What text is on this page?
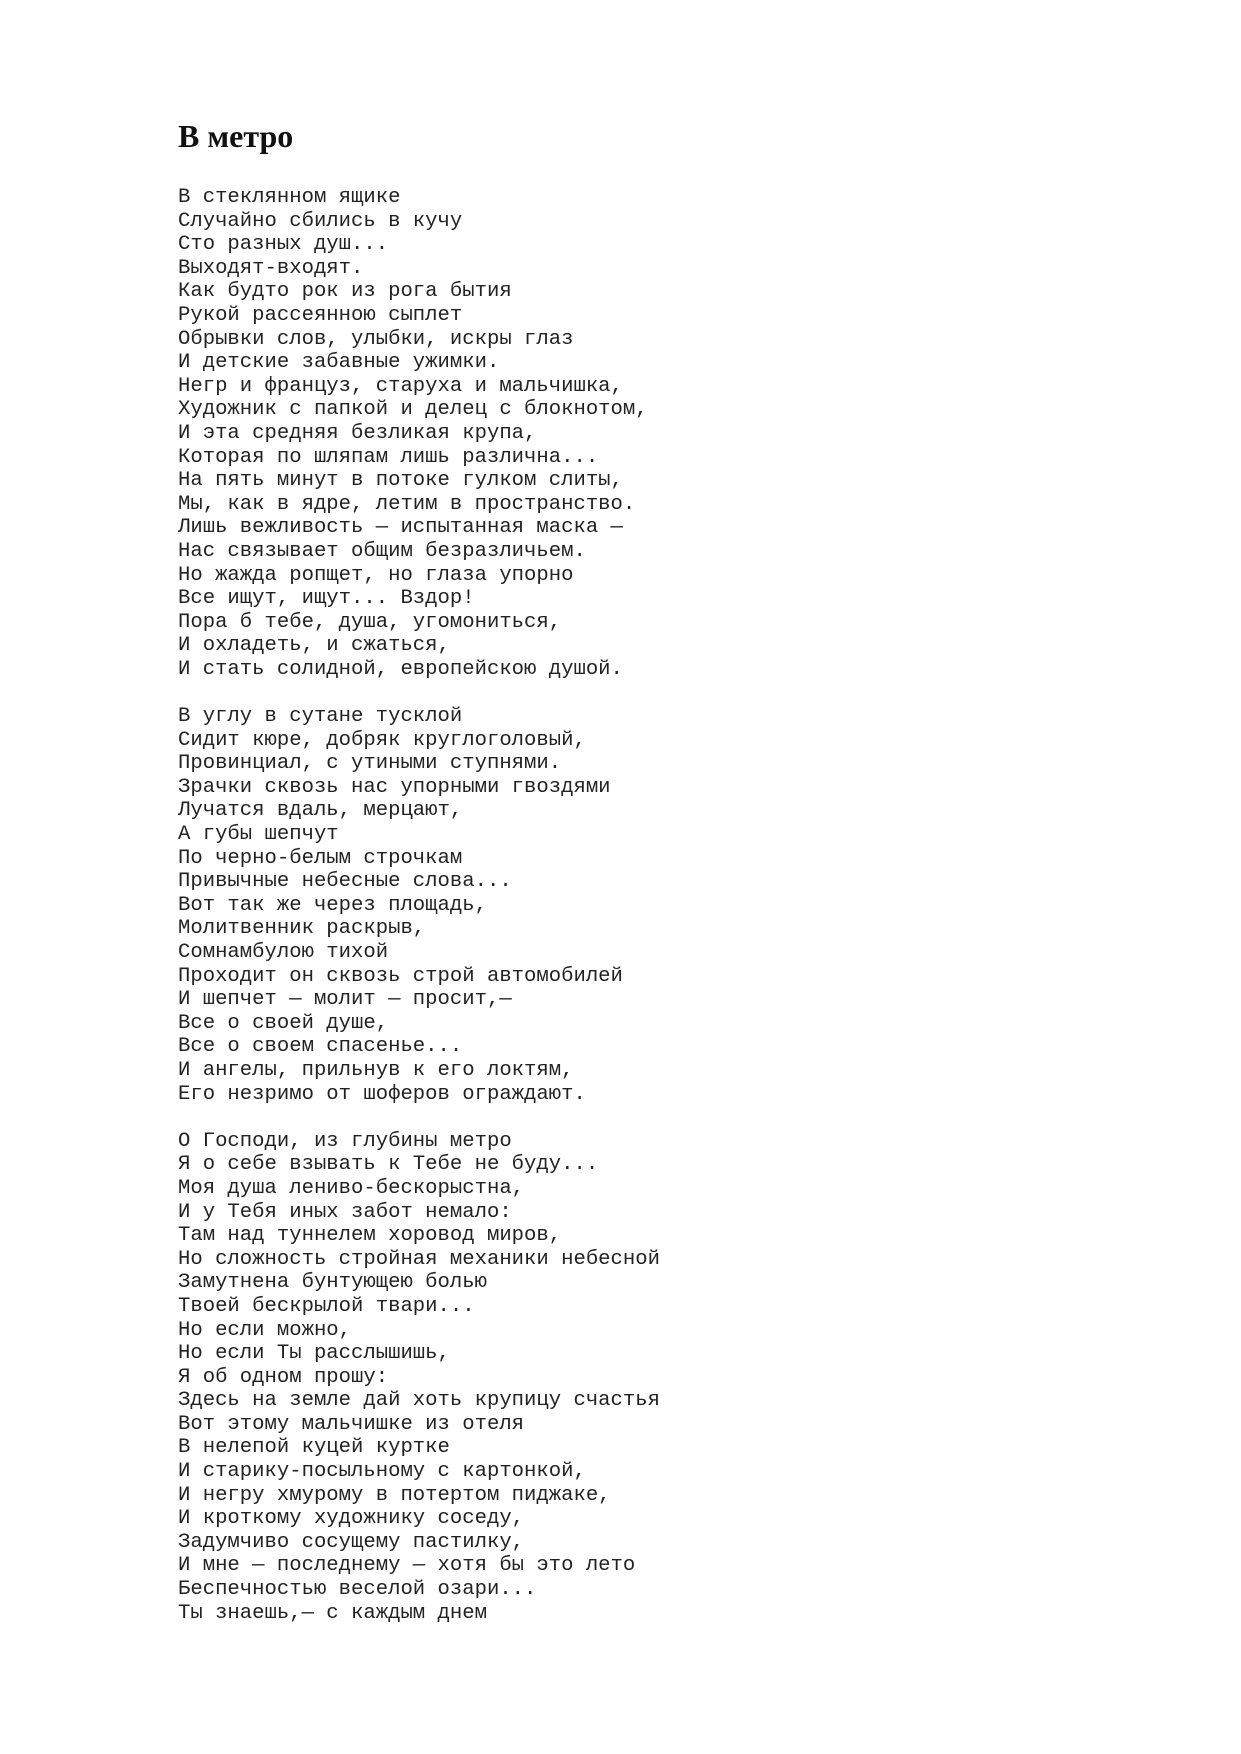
В метро
В стеклянном ящике
Случайно сбились в кучу
Сто разных душ...
Выходят-входят.
Как будто рок из рога бытия
Рукой рассеянною сыплет
Обрывки слов, улыбки, искры глаз
И детские забавные ужимки.
Негр и француз, старуха и мальчишка,
Художник с папкой и делец с блокнотом,
И эта средняя безликая крупа,
Которая по шляпам лишь различна...
На пять минут в потоке гулком слиты,
Мы, как в ядре, летим в пространство.
Лишь вежливость — испытанная маска —
Нас связывает общим безразличьем.
Но жажда ропщет, но глаза упорно
Все ищут, ищут... Вздор!
Пора б тебе, душа, угомониться,
И охладеть, и сжаться,
И стать солидной, европейскою душой.
В углу в сутане тусклой
Сидит кюре, добряк круглоголовый,
Провинциал, с утиными ступнями.
Зрачки сквозь нас упорными гвоздями
Лучатся вдаль, мерцают,
А губы шепчут
По черно-белым строчкам
Привычные небесные слова...
Вот так же через площадь,
Молитвенник раскрыв,
Сомнамбулою тихой
Проходит он сквозь строй автомобилей
И шепчет — молит — просит,—
Все о своей душе,
Все о своем спасенье...
И ангелы, прильнув к его локтям,
Его незримо от шоферов ограждают.
О Господи, из глубины метро
Я о себе взывать к Тебе не буду...
Моя душа лениво-бескорыстна,
И у Тебя иных забот немало:
Там над туннелем хоровод миров,
Но сложность стройная механики небесной
Замутнена бунтующею болью
Твоей бескрылой твари...
Но если можно,
Но если Ты расслышишь,
Я об одном прошу:
Здесь на земле дай хоть крупицу счастья
Вот этому мальчишке из отеля
В нелепой куцей куртке
И старику-посыльному с картонкой,
И негру хмурому в потертом пиджаке,
И кроткому художнику соседу,
Задумчиво сосущему пастилку,
И мне — последнему — хотя бы это лето
Беспечностью веселой озари...
Ты знаешь,— с каждым днем
